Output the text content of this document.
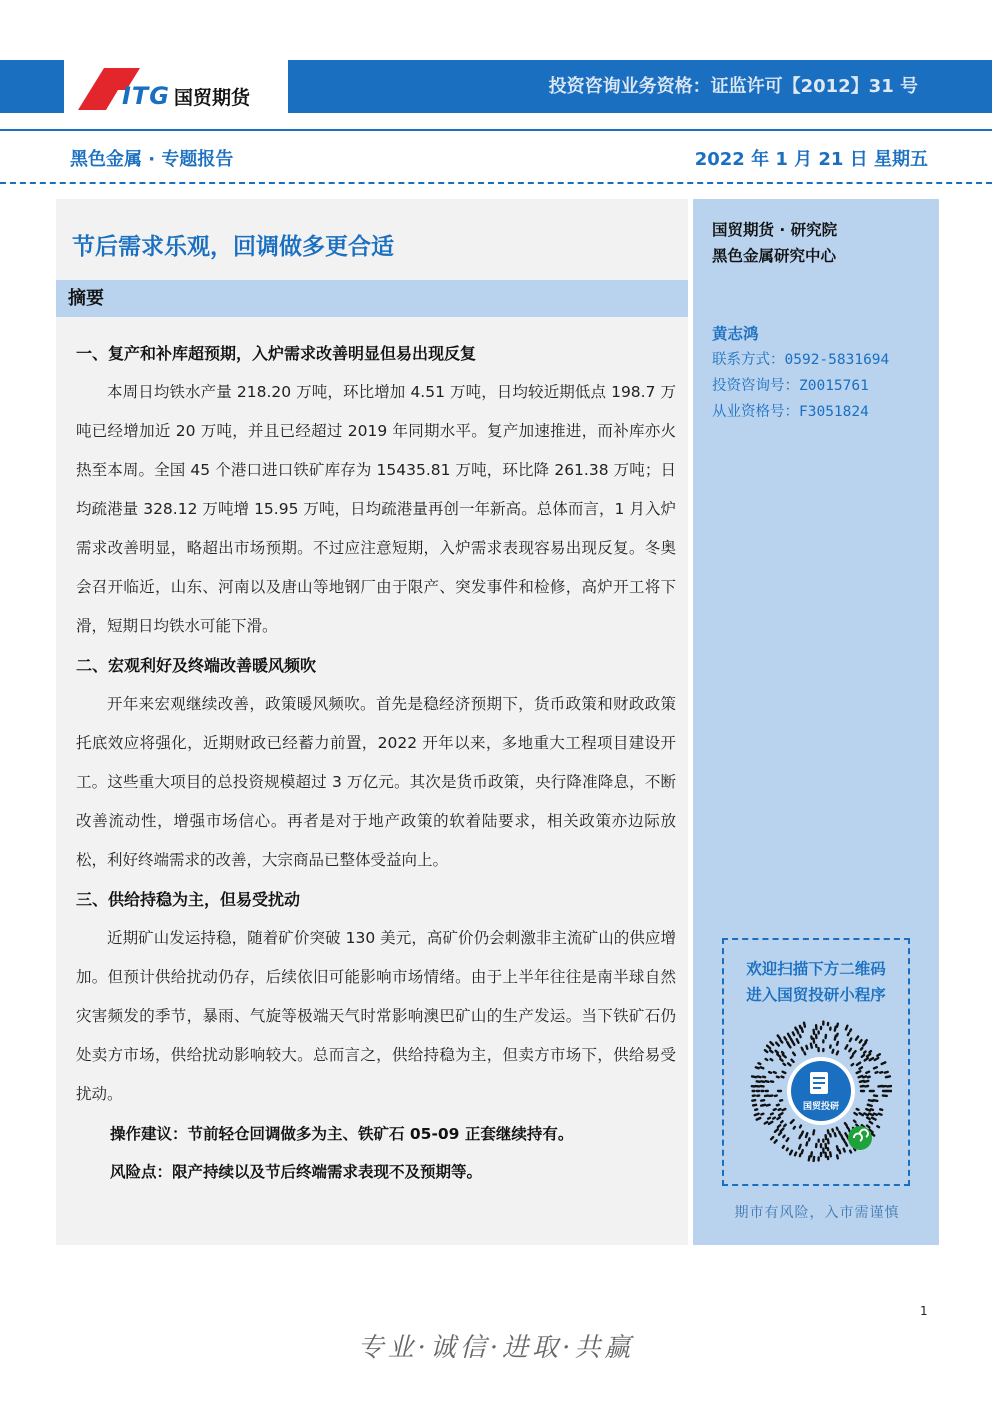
ITG 国贸期货
投资咨询业务资格：证监许可【2012】31 号
黑色金属 · 专题报告	2022 年 1 月 21 日 星期五
节后需求乐观，回调做多更合适
摘要
一、复产和补库超预期，入炉需求改善明显但易出现反复

本周日均铁水产量 218.20 万吨，环比增加 4.51 万吨，日均较近期低点 198.7 万吨已经增加近 20 万吨，并且已经超过 2019 年同期水平。复产加速推进，而补库亦火热至本周。全国 45 个港口进口铁矿库存为 15435.81 万吨，环比降 261.38 万吨；日均疏港量 328.12 万吨增 15.95 万吨，日均疏港量再创一年新高。总体而言，1 月入炉需求改善明显，略超出市场预期。不过应注意短期，入炉需求表现容易出现反复。冬奥会召开临近，山东、河南以及唐山等地钢厂由于限产、突发事件和检修，高炉开工将下滑，短期日均铁水可能下滑。

二、宏观利好及终端改善暖风频吹

开年来宏观继续改善，政策暖风频吹。首先是稳经济预期下，货币政策和财政政策托底效应将强化，近期财政已经蓄力前置，2022 开年以来，多地重大工程项目建设开工。这些重大项目的总投资规模超过 3 万亿元。其次是货币政策，央行降准降息，不断改善流动性，增强市场信心。再者是对于地产政策的软着陆要求，相关政策亦边际放松，利好终端需求的改善，大宗商品已整体受益向上。

三、供给持稳为主，但易受扰动

近期矿山发运持稳，随着矿价突破 130 美元，高矿价仍会刺激非主流矿山的供应增加。但预计供给扰动仍存，后续依旧可能影响市场情绪。由于上半年往往是南半球自然灾害频发的季节，暴雨、气旋等极端天气时常影响澳巴矿山的生产发运。当下铁矿石仍处卖方市场，供给扰动影响较大。总而言之，供给持稳为主，但卖方市场下，供给易受扰动。

操作建议：节前轻仓回调做多为主、铁矿石 05-09 正套继续持有。
风险点：限产持续以及节后终端需求表现不及预期等。
国贸期货 · 研究院
黑色金属研究中心
黄志鸿
联系方式：0592-5831694
投资咨询号：Z0015761
从业资格号：F3051824
欢迎扫描下方二维码
进入国贸投研小程序
国贸投研
期市有风险，入市需谨慎
1
专业·诚信·进取·共赢
